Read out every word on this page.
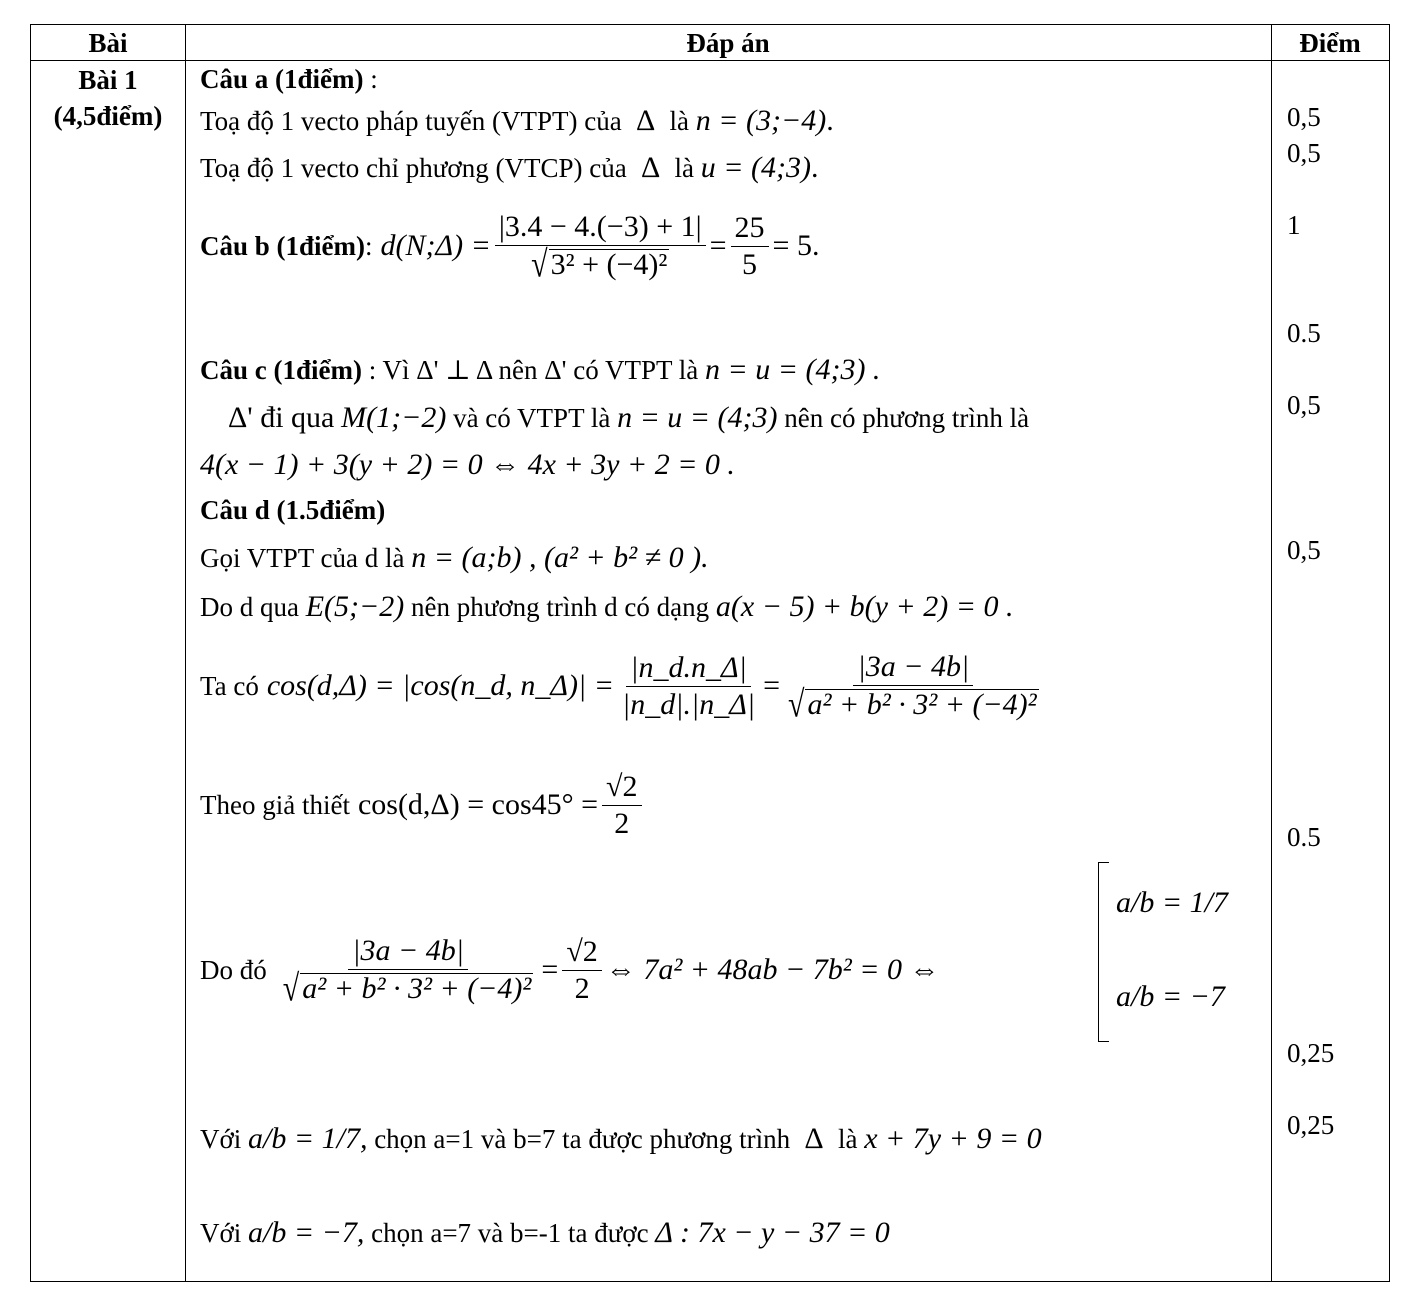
Bài	Đáp án	Điểm
Bài 1
(4,5điểm)
Câu a (1điểm) :
Toạ độ 1 vecto pháp tuyến (VTPT) của  Δ  là n = (3;−4).
Toạ độ 1 vecto chỉ phương (VTCP) của  Δ  là u = (4;3).
Câu b (1điểm) : d(N;Δ) = $\frac{|3.4 - 4.(-3) + 1|}{\text{√ 3² + (−4)²}} = \frac{25}{5} = 5$.
Câu c (1điểm) : Vì Δ' ⊥ Δ nên Δ' có VTPT là n = u = (4;3) .
Δ' đi qua M(1;−2) và có VTPT là n = u = (4;3) nên có phương trình là
4(x − 1) + 3(y + 2) = 0 ⇔ 4x + 3y + 2 = 0 .
Câu d (1.5điểm)
Gọi VTPT của d là n = (a;b) , (a² + b² ≠ 0 ).
Do d qua E(5;−2) nên phương trình d có dạng a(x − 5) + b(y + 2) = 0 .
Ta có cos(d,Δ) = |cos(n_d, n_Δ)| = $\frac{|n\_d.n\_\Delta|}{|n\_d|.|n\_\Delta|} = \frac{|3a - 4b|}{\text{√ a² + b² · 3² + (−4)²}}$
Theo giả thiết $\cos(d,\Delta) = \cos 45^\circ = \frac{√2}{2}$
Do đó $\frac{|3a - 4b|}{\text{√ a² + b² · 3² + (−4)²}} = \frac{√2}{2}$ ⇔ 7a² + 48ab − 7b² = 0 ⇔
a/b = 1/7
a/b = −7
Với a/b = 1/7, chọn a=1 và b=7 ta được phương trình  Δ  là x + 7y + 9 = 0
Với a/b = −7, chọn a=7 và b=-1 ta được Δ : 7x − y − 37 = 0
0,5
0,5
1
0.5
0,5
0,5
0.5
0,25
0,25
